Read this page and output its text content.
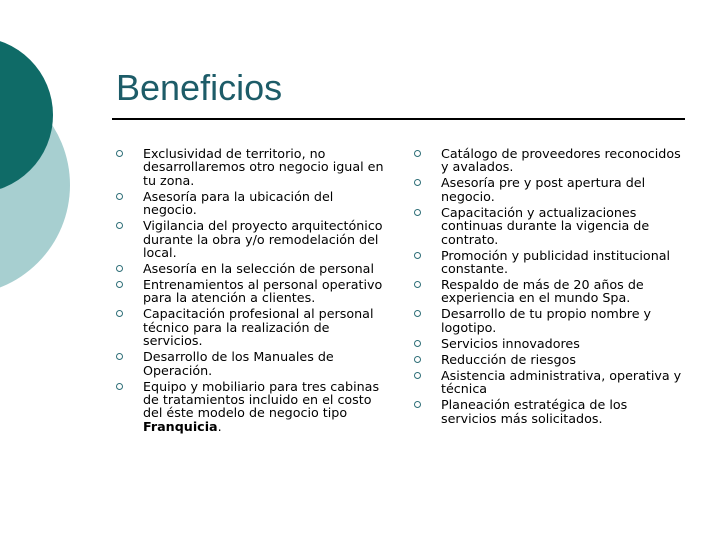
Beneficios
Exclusividad de territorio, no desarrollaremos otro negocio igual en tu zona.
Asesoría para la ubicación del negocio.
Vigilancia del proyecto arquitectónico durante la obra y/o remodelación del local.
Asesoría en la selección de personal
Entrenamientos al personal operativo para la atención a clientes.
Capacitación profesional al personal técnico para la realización de servicios.
Desarrollo de los Manuales de Operación.
Equipo y mobiliario para tres cabinas de tratamientos incluido en el costo del éste modelo de negocio tipo Franquicia.
Catálogo de proveedores reconocidos y avalados.
Asesoría pre y post apertura del negocio.
Capacitación y actualizaciones continuas durante la vigencia de contrato.
Promoción y publicidad institucional constante.
Respaldo de más de 20 años de experiencia en el mundo Spa.
Desarrollo de tu propio nombre y logotipo.
Servicios innovadores
Reducción de riesgos
Asistencia administrativa, operativa y técnica
Planeación estratégica de los servicios más solicitados.
